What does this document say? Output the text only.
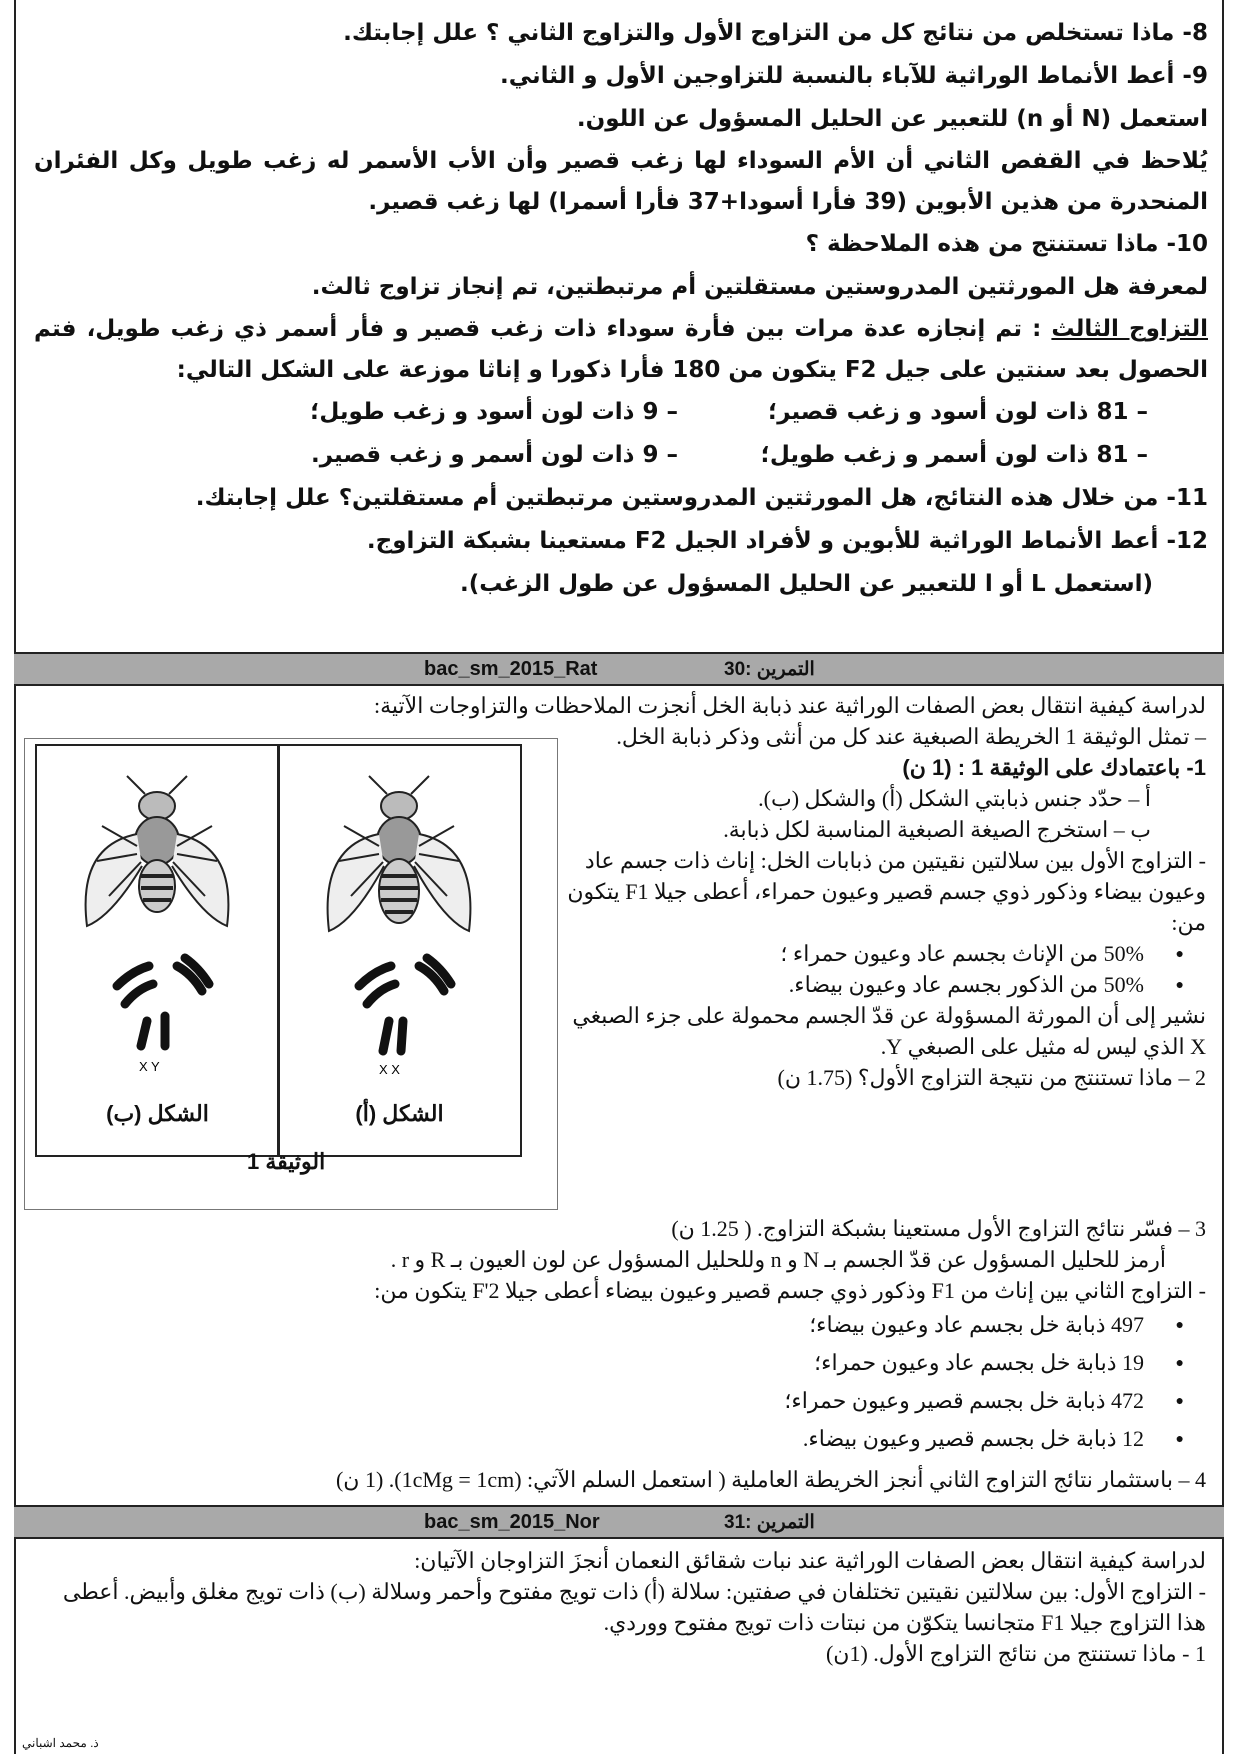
8- ماذا تستخلص من نتائج كل من التزاوج الأول والتزاوج الثاني ؟ علل إجابتك.

9- أعط الأنماط الوراثية للآباء بالنسبة للتزاوجين الأول و الثاني.

استعمل (N أو n) للتعبير عن الحليل المسؤول عن اللون.

يُلاحظ في القفص الثاني أن الأم السوداء لها زغب قصير وأن الأب الأسمر له زغب طويل وكل الفئران المنحدرة من هذين الأبوين (39 فأرا أسودا+37 فأرا أسمرا) لها زغب قصير.

10- ماذا تستنتج من هذه الملاحظة ؟

لمعرفة هل المورثتين المدروستين مستقلتين أم مرتبطتين، تم إنجاز تزاوج ثالث.

التزاوج الثالث : تم إنجازه عدة مرات بين فأرة سوداء ذات زغب قصير و فأر أسمر ذي زغب طويل، فتم الحصول بعد سنتين على جيل F2 يتكون من 180 فأرا ذكورا و إناثا موزعة على الشكل التالي:

– 81 ذات لون أسود و زغب قصير؛
– 9 ذات لون أسود و زغب طويل؛
– 81 ذات لون أسمر و زغب طويل؛
– 9 ذات لون أسمر و زغب قصير.

11- من خلال هذه النتائج، هل المورثتين المدروستين مرتبطتين أم مستقلتين؟ علل إجابتك.

12- أعط الأنماط الوراثية للأبوين و لأفراد الجيل F2 مستعينا بشبكة التزاوج.

(استعمل L أو l للتعبير عن الحليل المسؤول عن طول الزغب).

bac_sm_2015_Rat	التمرين :30

لدراسة كيفية انتقال بعض الصفات الوراثية عند ذبابة الخل أنجزت الملاحظات والتزاوجات الآتية:

– تمثل الوثيقة 1 الخريطة الصبغية عند كل من أنثى وذكر ذبابة الخل.

1- باعتمادك على الوثيقة 1 : (1 ن)

أ – حدّد جنس ذبابتي الشكل (أ) والشكل (ب).

ب – استخرج الصيغة الصبغية المناسبة لكل ذبابة.

- التزاوج الأول بين سلالتين نقيتين من ذبابات الخل: إناث ذات جسم عاد وعيون بيضاء وذكور ذوي جسم قصير وعيون حمراء، أعطى جيلا F1 يتكون من:

● 50% من الإناث بجسم عاد وعيون حمراء ؛
● 50% من الذكور بجسم عاد وعيون بيضاء.

نشير إلى أن المورثة المسؤولة عن قدّ الجسم محمولة على جزء الصبغي X الذي ليس له مثيل على الصبغي Y.

2 – ماذا تستنتج من نتيجة التزاوج الأول؟ (1.75 ن)

3 – فسّر نتائج التزاوج الأول مستعينا بشبكة التزاوج. ( 1.25 ن)

أرمز للحليل المسؤول عن قدّ الجسم بـ N و n وللحليل المسؤول عن لون العيون بـ R و r .

- التزاوج الثاني بين إناث من F1 وذكور ذوي جسم قصير وعيون بيضاء أعطى جيلا F'2 يتكون من:

● 497 ذبابة خل بجسم عاد وعيون بيضاء؛
● 19 ذبابة خل بجسم عاد وعيون حمراء؛
● 472 ذبابة خل بجسم قصير وعيون حمراء؛
● 12 ذبابة خل بجسم قصير وعيون بيضاء.

4 – باستثمار نتائج التزاوج الثاني أنجز الخريطة العاملية ( استعمل السلم الآتي: (1cMg = 1cm). (1 ن)

X Y
الشكل (ب)
X X
الشكل (أ)
الوثيقة 1
bac_sm_2015_Nor	التمرين :31

لدراسة كيفية انتقال بعض الصفات الوراثية عند نبات شقائق النعمان أنجزَ التزاوجان الآتيان:

- التزاوج الأول: بين سلالتين نقيتين تختلفان في صفتين: سلالة (أ) ذات تويج مفتوح وأحمر وسلالة (ب) ذات تويج مغلق وأبيض. أعطى هذا التزاوج جيلا F1 متجانسا يتكوّن من نبتات ذات تويج مفتوح ووردي.

1 - ماذا تستنتج من نتائج التزاوج الأول. (1ن)

ذ. محمد اشباني
